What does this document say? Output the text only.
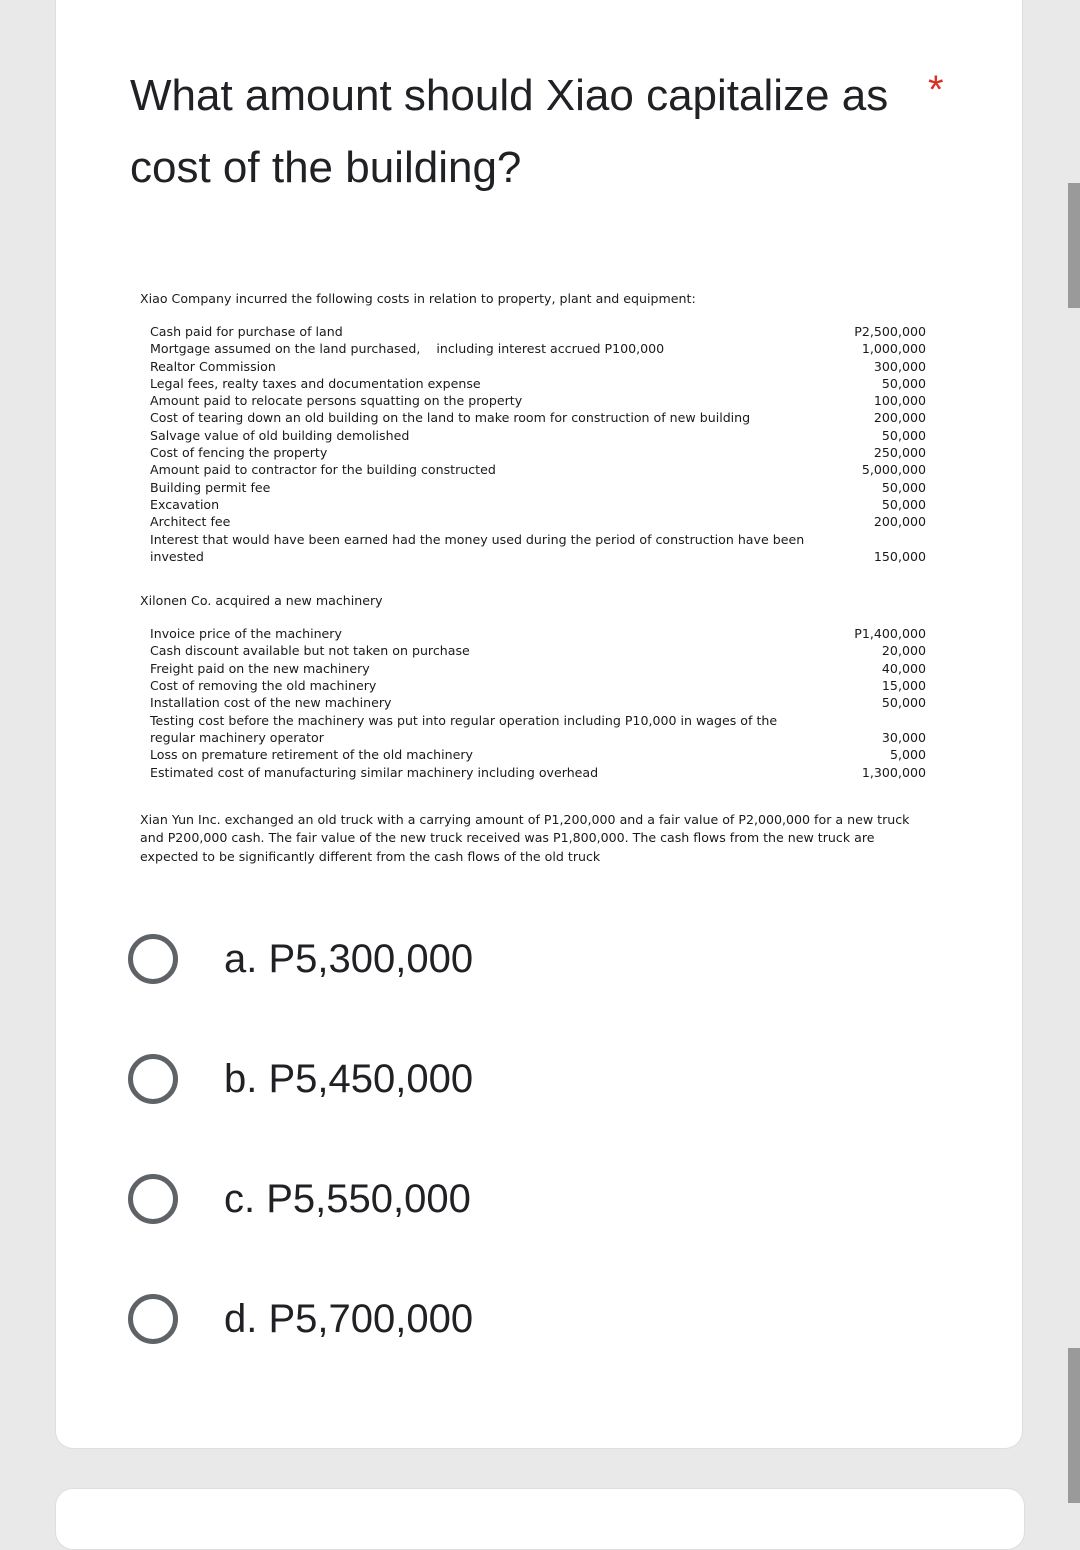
What amount should Xiao capitalize as cost of the building?
*

Xiao Company incurred the following costs in relation to property, plant and equipment:

Cash paid for purchase of land	P2,500,000
Mortgage assumed on the land purchased,    including interest accrued P100,000	1,000,000
Realtor Commission	300,000
Legal fees, realty taxes and documentation expense	50,000
Amount paid to relocate persons squatting on the property	100,000
Cost of tearing down an old building on the land to make room for construction of new building	200,000
Salvage value of old building demolished	50,000
Cost of fencing the property	250,000
Amount paid to contractor for the building constructed	5,000,000
Building permit fee	50,000
Excavation	50,000
Architect fee	200,000
Interest that would have been earned had the money used during the period of construction have been invested	150,000

Xilonen Co. acquired a new machinery

Invoice price of the machinery	P1,400,000
Cash discount available but not taken on purchase	20,000
Freight paid on the new machinery	40,000
Cost of removing the old machinery	15,000
Installation cost of the new machinery	50,000
Testing cost before the machinery was put into regular operation including P10,000 in wages of the regular machinery operator	30,000
Loss on premature retirement of the old machinery	5,000
Estimated cost of manufacturing similar machinery including overhead	1,300,000

Xian Yun Inc. exchanged an old truck with a carrying amount of P1,200,000 and a fair value of P2,000,000 for a new truck and P200,000 cash. The fair value of the new truck received was P1,800,000. The cash flows from the new truck are expected to be significantly different from the cash flows of the old truck

a. P5,300,000
b. P5,450,000
c. P5,550,000
d. P5,700,000
